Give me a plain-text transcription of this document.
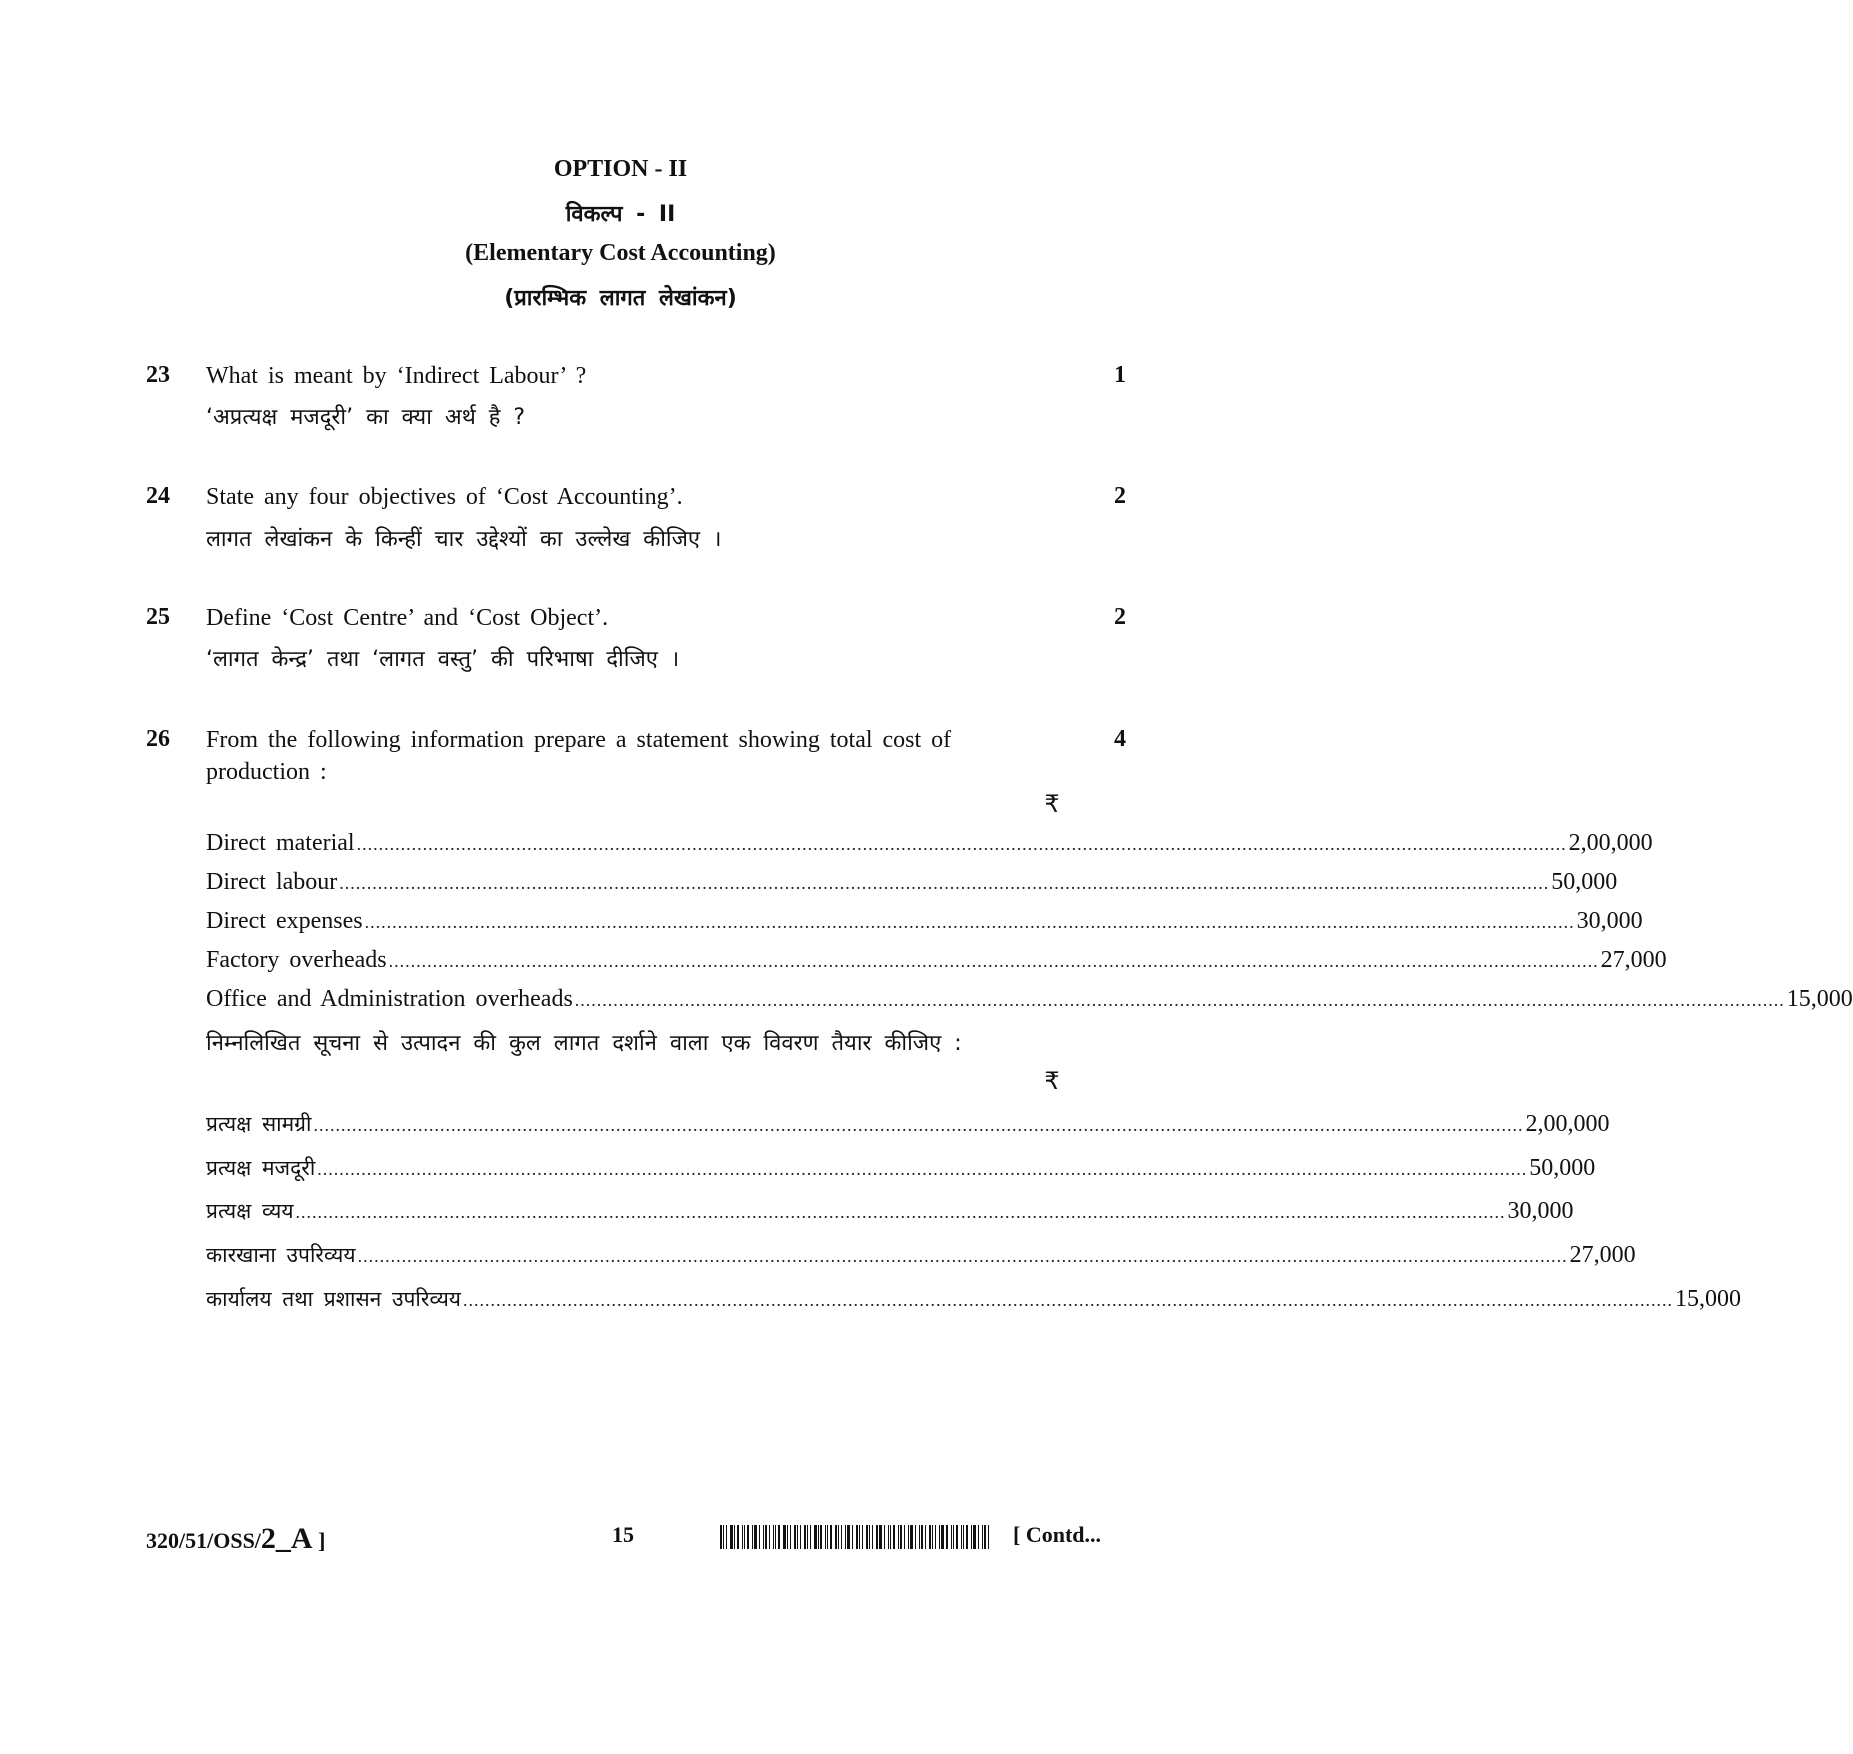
OPTION - II
विकल्प - II
(Elementary Cost Accounting)
(प्रारम्भिक लागत लेखांकन)
23 What is meant by ‘Indirect Labour’ ?	1
‘अप्रत्यक्ष मजदूरी’ का क्या अर्थ है ?
24 State any four objectives of ‘Cost Accounting’.	2
लागत लेखांकन के किन्हीं चार उद्देश्यों का उल्लेख कीजिए ।
25 Define ‘Cost Centre’ and ‘Cost Object’.	2
‘लागत केन्द्र’ तथा ‘लागत वस्तु’ की परिभाषा दीजिए ।
26 From the following information prepare a statement showing total cost of production :
4
₹
Direct material ............................................................................................................................................................................................................................ 2,00,000
Direct labour ............................................................................................................................................................................................................................ 50,000
Direct expenses ............................................................................................................................................................................................................................ 30,000
Factory overheads ............................................................................................................................................................................................................................ 27,000
Office and Administration overheads ............................................................................................................................................................................................................................ 15,000
निम्नलिखित सूचना से उत्पादन की कुल लागत दर्शाने वाला एक विवरण तैयार कीजिए :
₹
प्रत्यक्ष सामग्री ............................................................................................................................................................................................................................ 2,00,000
प्रत्यक्ष मजदूरी ............................................................................................................................................................................................................................ 50,000
प्रत्यक्ष व्यय ............................................................................................................................................................................................................................ 30,000
कारखाना उपरिव्यय ............................................................................................................................................................................................................................ 27,000
कार्यालय तथा प्रशासन उपरिव्यय ............................................................................................................................................................................................................................ 15,000
320/51/OSS/2_A ]	15	[ Contd...
